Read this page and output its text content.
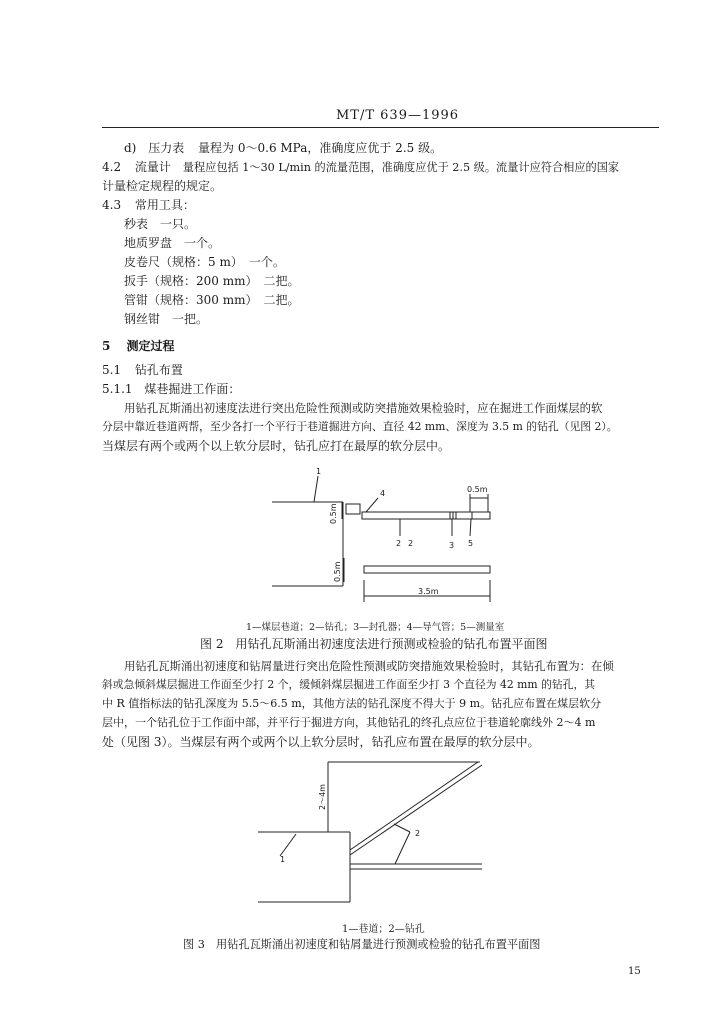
MT/T 639—1996
d) 压力表 量程为 0～0.6 MPa，准确度应优于 2.5 级。
4.2 流量计 量程应包括 1～30 L/min 的流量范围，准确度应优于 2.5 级。流量计应符合相应的国家
计量检定规程的规定。
4.3 常用工具：
秒表　一只。
地质罗盘　一个。
皮卷尺（规格：5 m）　一个。
扳手（规格：200 mm）　二把。
管钳（规格：300 mm）　二把。
钢丝钳　一把。
5 测定过程
5.1 钻孔布置
5.1.1 煤巷掘进工作面：
用钻孔瓦斯涌出初速度法进行突出危险性预测或防突措施效果检验时，应在掘进工作面煤层的软
分层中靠近巷道两帮，至少各打一个平行于巷道掘进方向、直径 42 mm、深度为 3.5 m 的钻孔（见图 2）。
当煤层有两个或两个以上软分层时，钻孔应打在最厚的软分层中。
1
4	0.5m
2 2	3 5
3.5m
0.5m
0.5m
1—煤层巷道；2—钻孔；3—封孔器；4—导气管；5—测量室
图 2　用钻孔瓦斯涌出初速度法进行预测或检验的钻孔布置平面图
用钻孔瓦斯涌出初速度和钻屑量进行突出危险性预测或防突措施效果检验时，其钻孔布置为：在倾
斜或急倾斜煤层掘进工作面至少打 2 个，缓倾斜煤层掘进工作面至少打 3 个直径为 42 mm 的钻孔，其
中 R 值指标法的钻孔深度为 5.5～6.5 m，其他方法的钻孔深度不得大于 9 m。钻孔应布置在煤层软分
层中，一个钻孔位于工作面中部，并平行于掘进方向，其他钻孔的终孔点应位于巷道轮廓线外 2～4 m
处（见图 3）。当煤层有两个或两个以上软分层时，钻孔应布置在最厚的软分层中。
2
1
2～4m
1—巷道；2—钻孔
图 3　用钻孔瓦斯涌出初速度和钻屑量进行预测或检验的钻孔布置平面图
15
